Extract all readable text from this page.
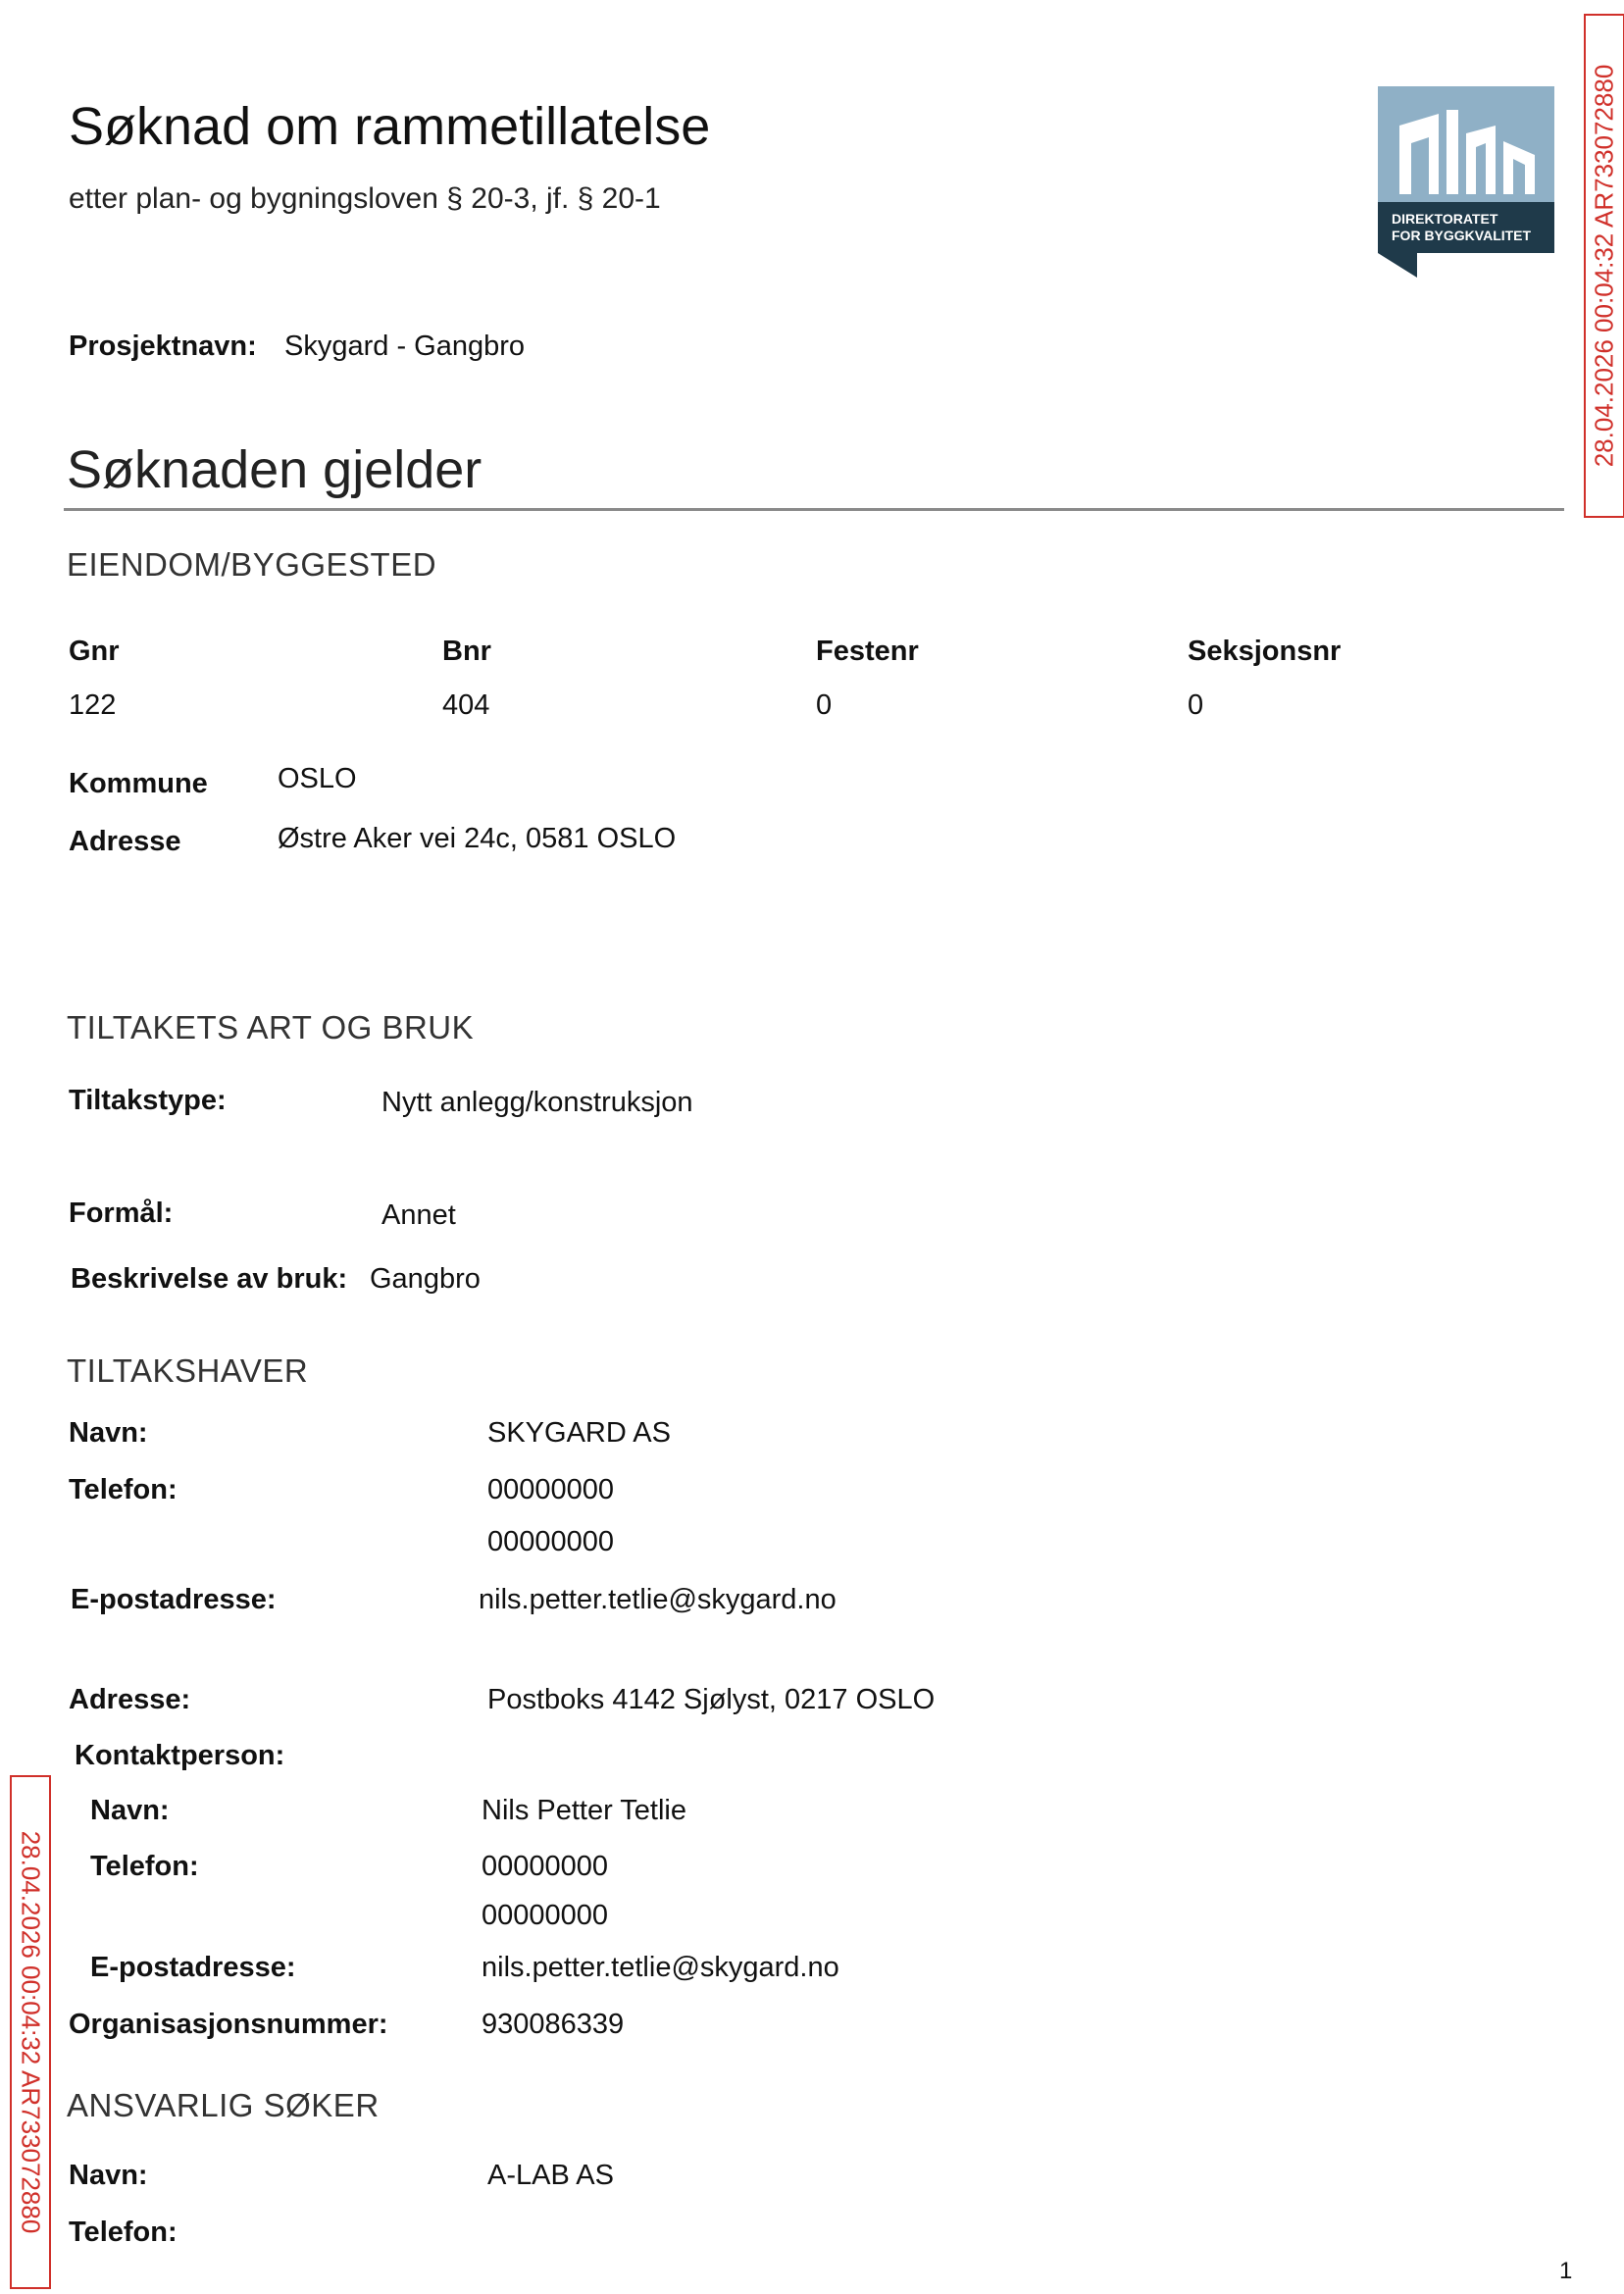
Søknad om rammetillatelse
etter plan- og bygningsloven § 20-3, jf. § 20-1
DIREKTORATET
FOR BYGGKVALITET 28.04.2026 00:04:32 AR733072880
28.04.2026 00:04:32 AR733072880
Prosjektnavn: Skygard - Gangbro
Søknaden gjelder
EIENDOM/BYGGESTED
Gnr	Bnr	Festenr	Seksjonsnr
122	404	0	0
Kommune OSLO
Adresse	Østre Aker vei 24c, 0581 OSLO
TILTAKETS ART OG BRUK
Tiltakstype:	Nytt anlegg/konstruksjon
Formål:	Annet
Beskrivelse av bruk: Gangbro
TILTAKSHAVER
Navn:	SKYGARD AS
Telefon:	00000000
00000000
E-postadresse:	nils.petter.tetlie@skygard.no
Adresse:	Postboks 4142 Sjølyst, 0217 OSLO
Kontaktperson:
Navn:	Nils Petter Tetlie
Telefon:	00000000
00000000
E-postadresse:	nils.petter.tetlie@skygard.no
Organisasjonsnummer:	930086339
ANSVARLIG SØKER
Navn:	A-LAB AS
Telefon:
1
